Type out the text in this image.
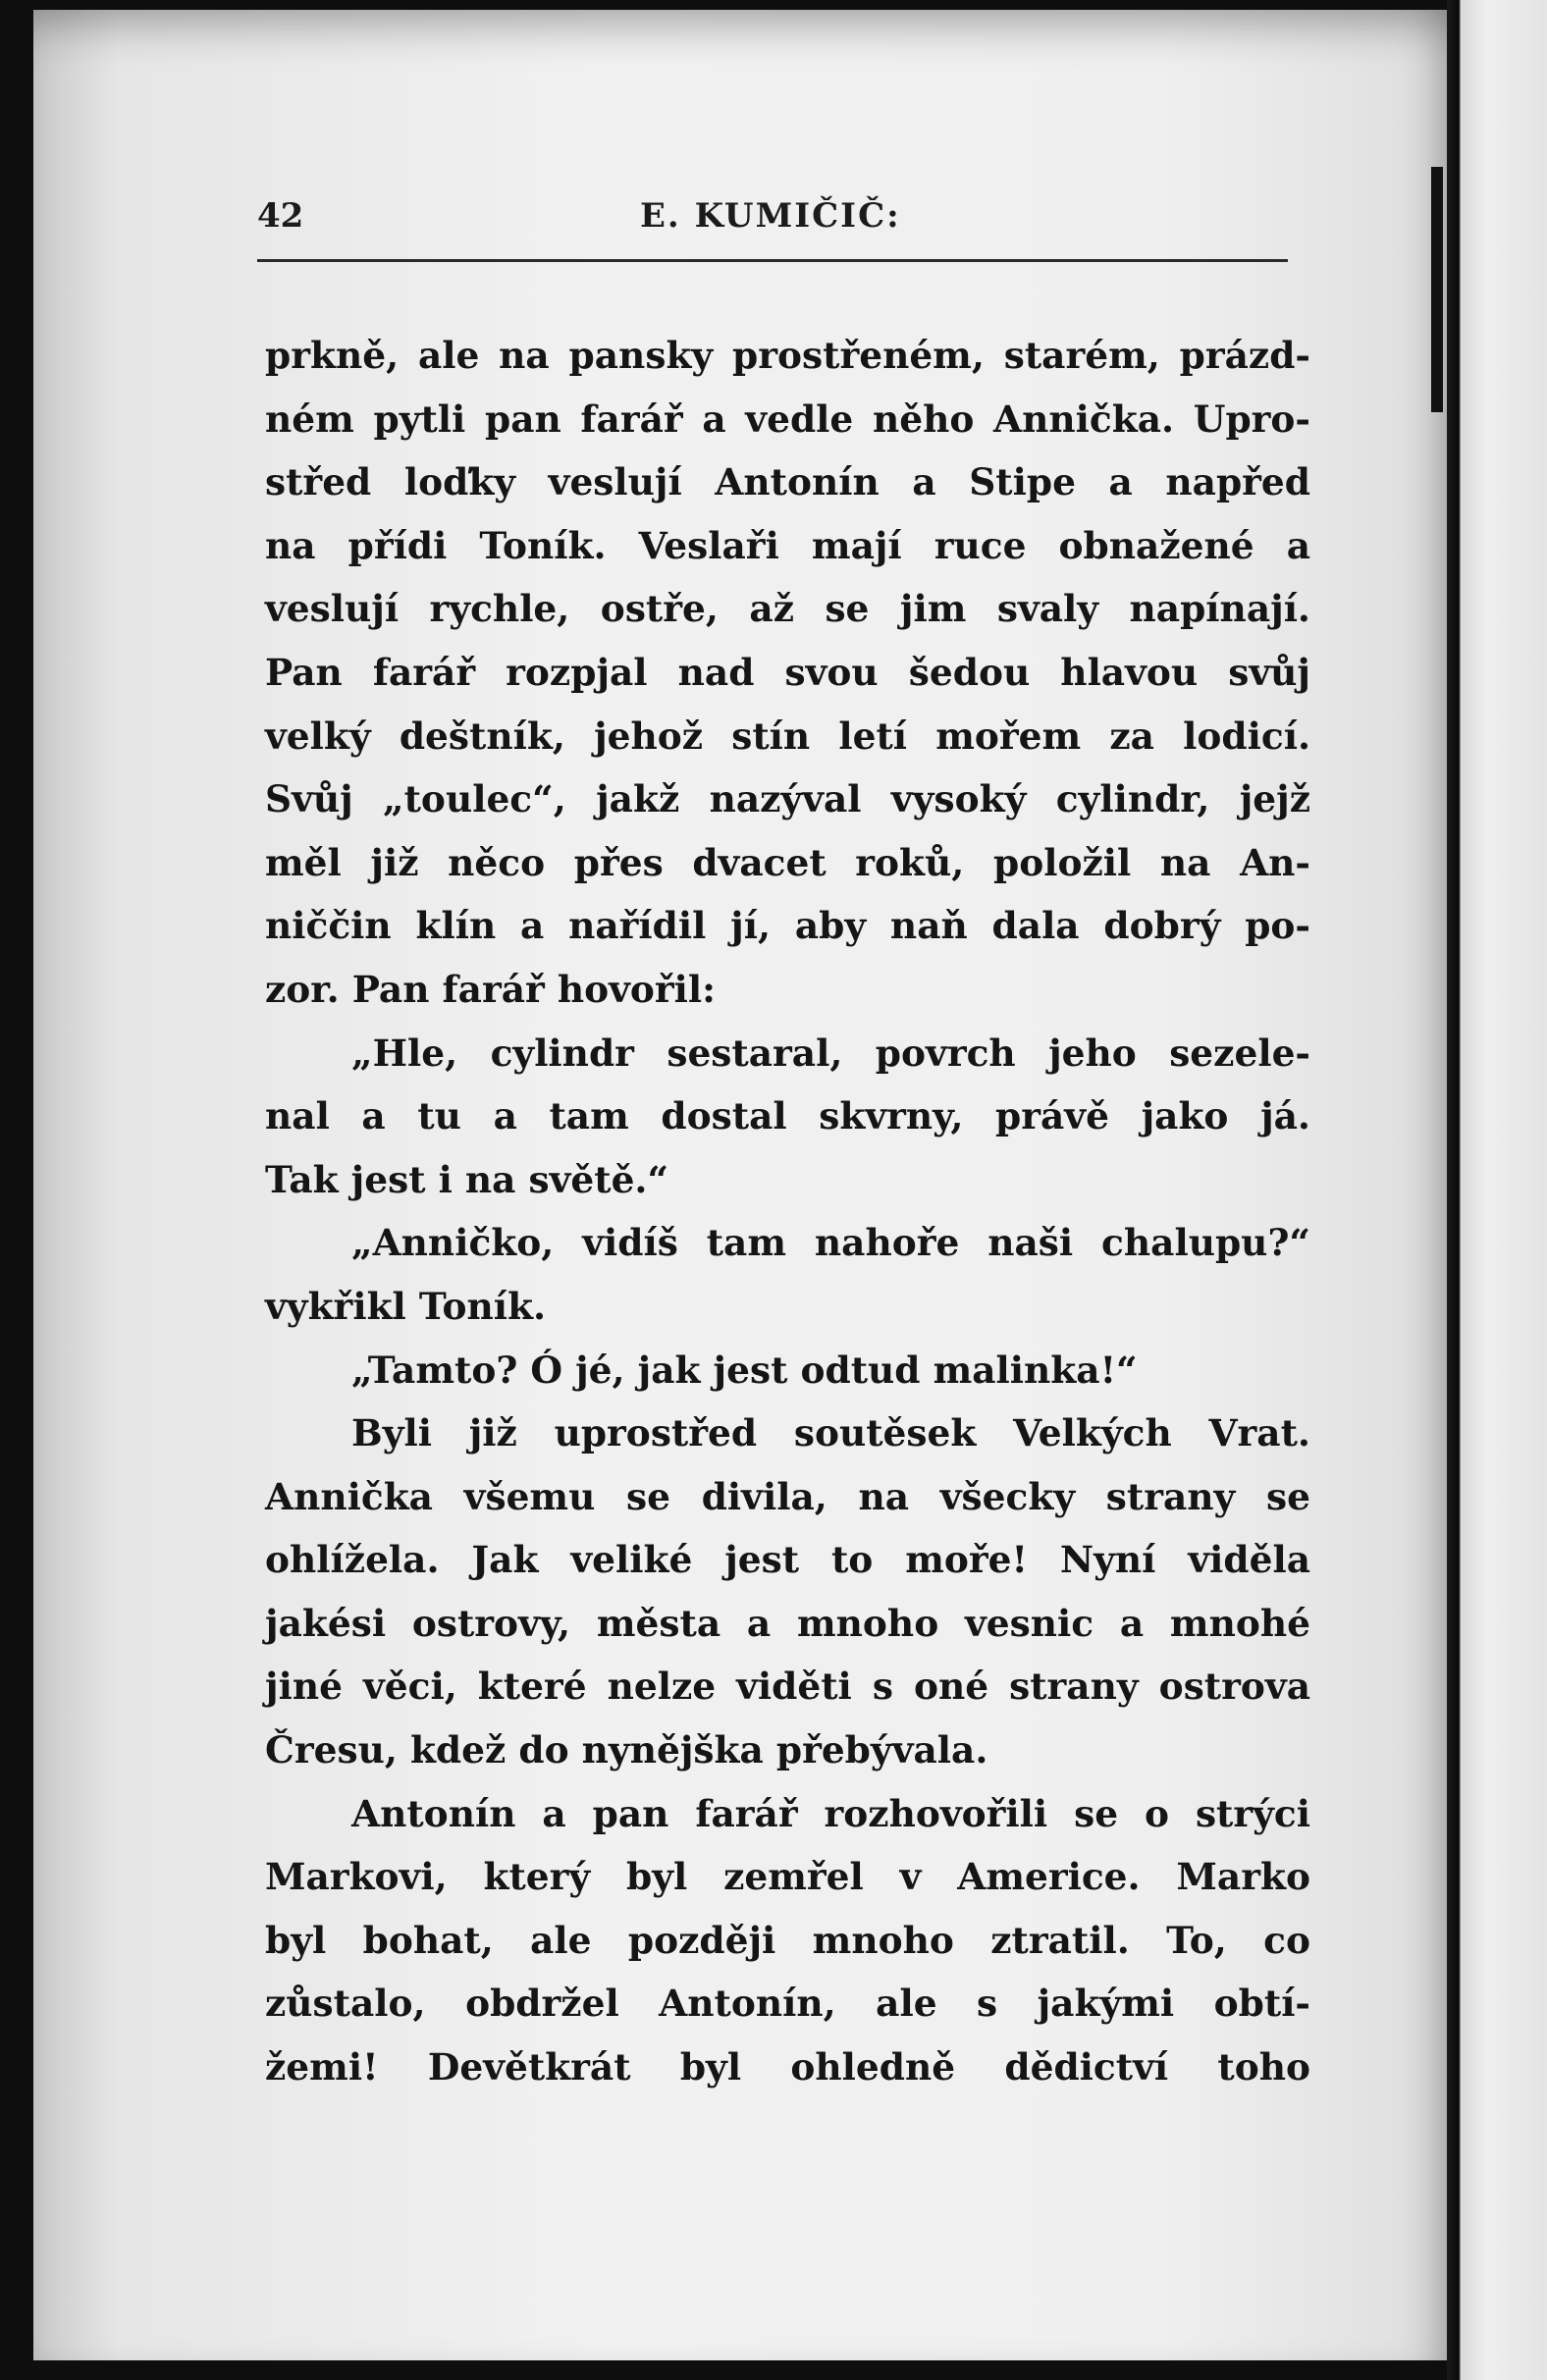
42	E. KUMIČIČ:
prkně, ale na pansky prostřeném, starém, prázd-
ném pytli pan farář a vedle něho Annička. Upro-
střed loďky veslují Antonín a Stipe a napřed
na přídi Toník. Veslaři mají ruce obnažené a
veslují rychle, ostře, až se jim svaly napínají.
Pan farář rozpjal nad svou šedou hlavou svůj
velký deštník, jehož stín letí mořem za lodicí.
Svůj „toulec“, jakž nazýval vysoký cylindr, jejž
měl již něco přes dvacet roků, položil na An-
niččin klín a nařídil jí, aby naň dala dobrý po-
zor. Pan farář hovořil:
„Hle, cylindr sestaral, povrch jeho sezele-
nal a tu a tam dostal skvrny, právě jako já.
Tak jest i na světě.“
„Anničko, vidíš tam nahoře naši chalupu?“
vykřikl Toník.
„Tamto? Ó jé, jak jest odtud malinka!“
Byli již uprostřed soutěsek Velkých Vrat.
Annička všemu se divila, na všecky strany se
ohlížela. Jak veliké jest to moře! Nyní viděla
jakési ostrovy, města a mnoho vesnic a mnohé
jiné věci, které nelze viděti s oné strany ostrova
Čresu, kdež do nynějška přebývala.
Antonín a pan farář rozhovořili se o strýci
Markovi, který byl zemřel v Americe. Marko
byl bohat, ale později mnoho ztratil. To, co
zůstalo, obdržel Antonín, ale s jakými obtí-
žemi! Devětkrát byl ohledně dědictví toho
